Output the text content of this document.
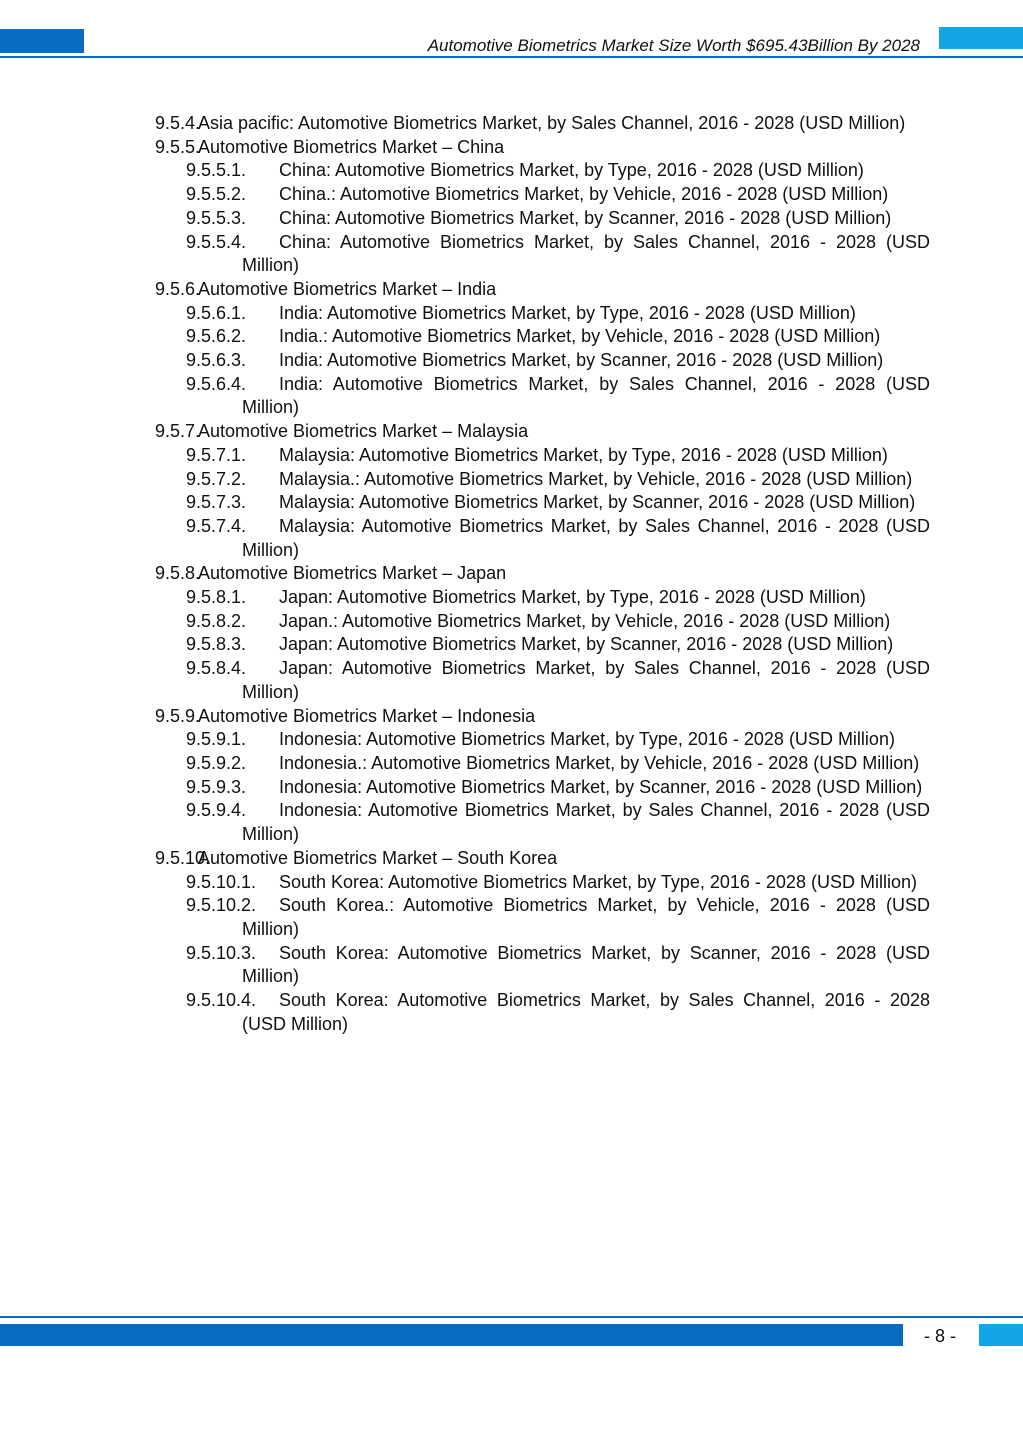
Automotive Biometrics Market Size Worth $695.43Billion By 2028
9.5.4.
Asia pacific: Automotive Biometrics Market, by Sales Channel, 2016 - 2028 (USD Million)
9.5.5.
Automotive Biometrics Market – China
9.5.5.1. China: Automotive Biometrics Market, by Type, 2016 - 2028 (USD Million)
9.5.5.2. China.: Automotive Biometrics Market, by Vehicle, 2016 - 2028 (USD Million)
9.5.5.3. China: Automotive Biometrics Market, by Scanner, 2016 - 2028 (USD Million)
9.5.5.4. China: Automotive Biometrics Market, by Sales Channel, 2016 - 2028 (USD Million)
9.5.6.
Automotive Biometrics Market – India
9.5.6.1. India: Automotive Biometrics Market, by Type, 2016 - 2028 (USD Million)
9.5.6.2. India.: Automotive Biometrics Market, by Vehicle, 2016 - 2028 (USD Million)
9.5.6.3. India: Automotive Biometrics Market, by Scanner, 2016 - 2028 (USD Million)
9.5.6.4. India: Automotive Biometrics Market, by Sales Channel, 2016 - 2028 (USD Million)
9.5.7.
Automotive Biometrics Market – Malaysia
9.5.7.1. Malaysia: Automotive Biometrics Market, by Type, 2016 - 2028 (USD Million)
9.5.7.2. Malaysia.: Automotive Biometrics Market, by Vehicle, 2016 - 2028 (USD Million)
9.5.7.3. Malaysia: Automotive Biometrics Market, by Scanner, 2016 - 2028 (USD Million)
9.5.7.4. Malaysia: Automotive Biometrics Market, by Sales Channel, 2016 - 2028 (USD Million)
9.5.8.
Automotive Biometrics Market – Japan
9.5.8.1. Japan: Automotive Biometrics Market, by Type, 2016 - 2028 (USD Million)
9.5.8.2. Japan.: Automotive Biometrics Market, by Vehicle, 2016 - 2028 (USD Million)
9.5.8.3. Japan: Automotive Biometrics Market, by Scanner, 2016 - 2028 (USD Million)
9.5.8.4. Japan: Automotive Biometrics Market, by Sales Channel, 2016 - 2028 (USD Million)
9.5.9.
Automotive Biometrics Market – Indonesia
9.5.9.1. Indonesia: Automotive Biometrics Market, by Type, 2016 - 2028 (USD Million)
9.5.9.2. Indonesia.: Automotive Biometrics Market, by Vehicle, 2016 - 2028 (USD Million)
9.5.9.3. Indonesia: Automotive Biometrics Market, by Scanner, 2016 - 2028 (USD Million)
9.5.9.4. Indonesia: Automotive Biometrics Market, by Sales Channel, 2016 - 2028 (USD Million)
9.5.10.
Automotive Biometrics Market – South Korea
9.5.10.1. South Korea: Automotive Biometrics Market, by Type, 2016 - 2028 (USD Million)
9.5.10.2. South Korea.: Automotive Biometrics Market, by Vehicle, 2016 - 2028 (USD Million)
9.5.10.3. South Korea: Automotive Biometrics Market, by Scanner, 2016 - 2028 (USD Million)
9.5.10.4. South Korea: Automotive Biometrics Market, by Sales Channel, 2016 - 2028 (USD Million)
- 8 -
